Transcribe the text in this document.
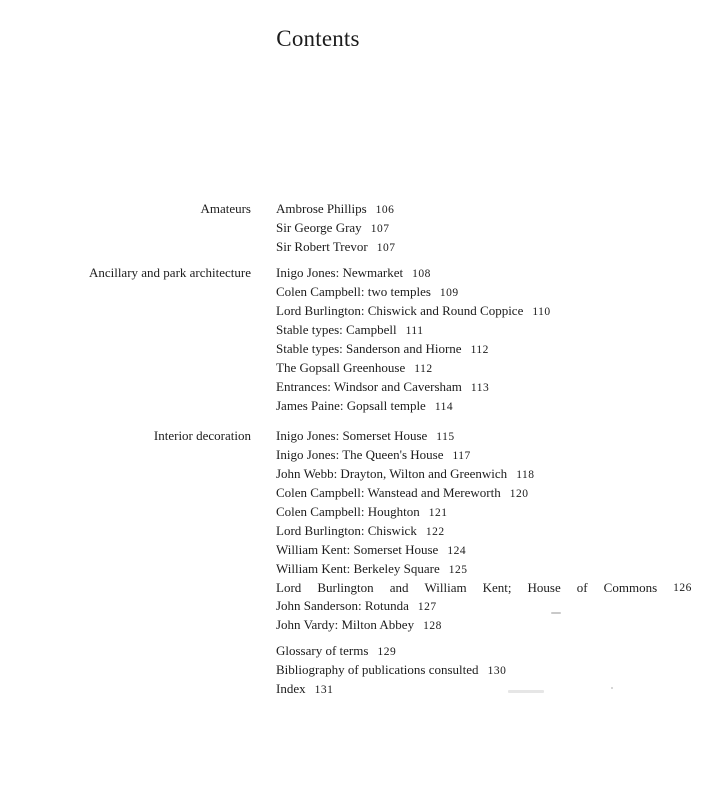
Contents
Amateurs Ambrose Phillips 106
Sir George Gray 107
Sir Robert Trevor 107
Ancillary and park architecture Inigo Jones: Newmarket 108
Colen Campbell: two temples 109
Lord Burlington: Chiswick and Round Coppice 110
Stable types: Campbell 111
Stable types: Sanderson and Hiorne 112
The Gopsall Greenhouse 112
Entrances: Windsor and Caversham 113
James Paine: Gopsall temple 114
Interior decoration Inigo Jones: Somerset House 115
Inigo Jones: The Queen's House 117
John Webb: Drayton, Wilton and Greenwich 118
Colen Campbell: Wanstead and Mereworth 120
Colen Campbell: Houghton 121
Lord Burlington: Chiswick 122
William Kent: Somerset House 124
William Kent: Berkeley Square 125
Lord Burlington and William Kent; House of Commons 126
John Sanderson: Rotunda 127
John Vardy: Milton Abbey 128
Glossary of terms 129
Bibliography of publications consulted 130
Index 131
